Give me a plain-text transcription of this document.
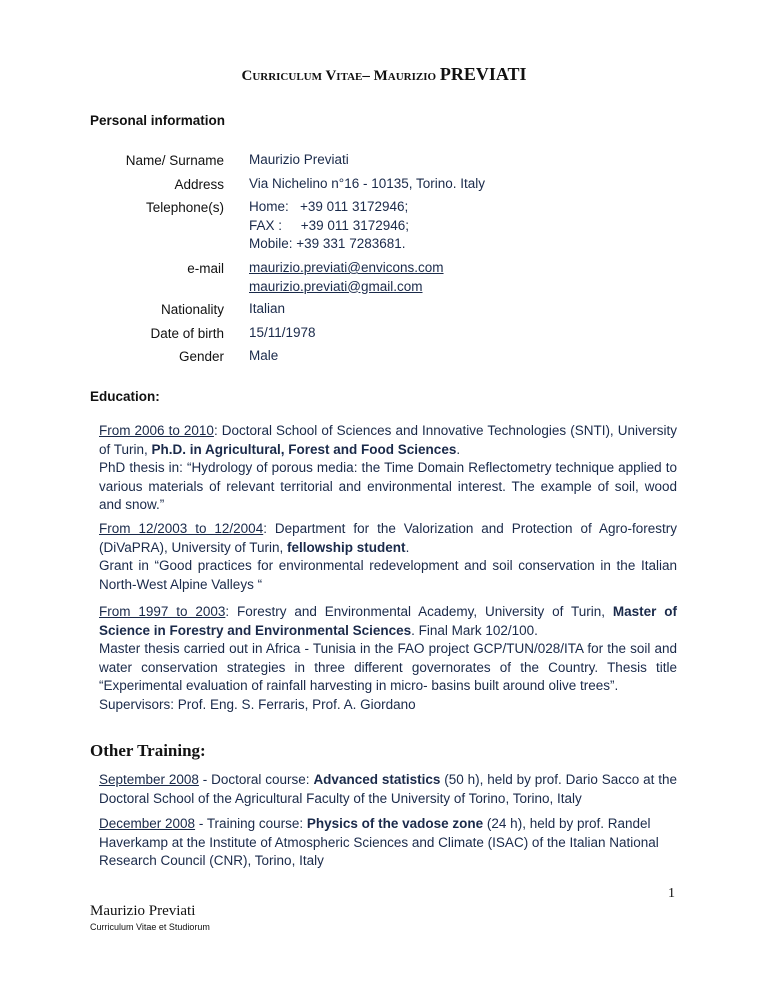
Curriculum Vitae– Maurizio PREVIATI
Personal information
Name/ Surname Maurizio Previati
Address Via Nichelino n°16 - 10135, Torino. Italy
Telephone(s) Home:   +39 011 3172946;
FAX :     +39 011 3172946;
Mobile: +39 331 7283681.
e-mail maurizio.previati@envicons.com
maurizio.previati@gmail.com
Nationality Italian
Date of birth 15/11/1978
Gender Male
Education:

From 2006 to 2010: Doctoral School of Sciences and Innovative Technologies (SNTI), University of Turin, Ph.D. in Agricultural, Forest and Food Sciences.

PhD thesis in: “Hydrology of porous media: the Time Domain Reflectometry technique applied to various materials of relevant territorial and environmental interest. The example of soil, wood and snow.”

From 12/2003 to 12/2004: Department for the Valorization and Protection of Agro-forestry (DiVaPRA), University of Turin, fellowship student.

Grant in “Good practices for environmental redevelopment and soil conservation in the Italian North-West Alpine Valleys “

From 1997 to 2003: Forestry and Environmental Academy, University of Turin, Master of Science in Forestry and Environmental Sciences. Final Mark 102/100.

Master thesis carried out in Africa - Tunisia in the FAO project GCP/TUN/028/ITA for the soil and water conservation strategies in three different governorates of the Country. Thesis title “Experimental evaluation of rainfall harvesting in micro- basins built around olive trees”.

Supervisors: Prof. Eng. S. Ferraris, Prof. A. Giordano

Other Training:

September 2008 - Doctoral course: Advanced statistics (50 h), held by prof. Dario Sacco at the Doctoral School of the Agricultural Faculty of the University of Torino, Torino, Italy

December 2008 - Training course: Physics of the vadose zone (24 h), held by prof. Randel Haverkamp at the Institute of Atmospheric Sciences and Climate (ISAC) of the Italian National Research Council (CNR), Torino, Italy

1
Maurizio Previati
Curriculum Vitae et Studiorum
